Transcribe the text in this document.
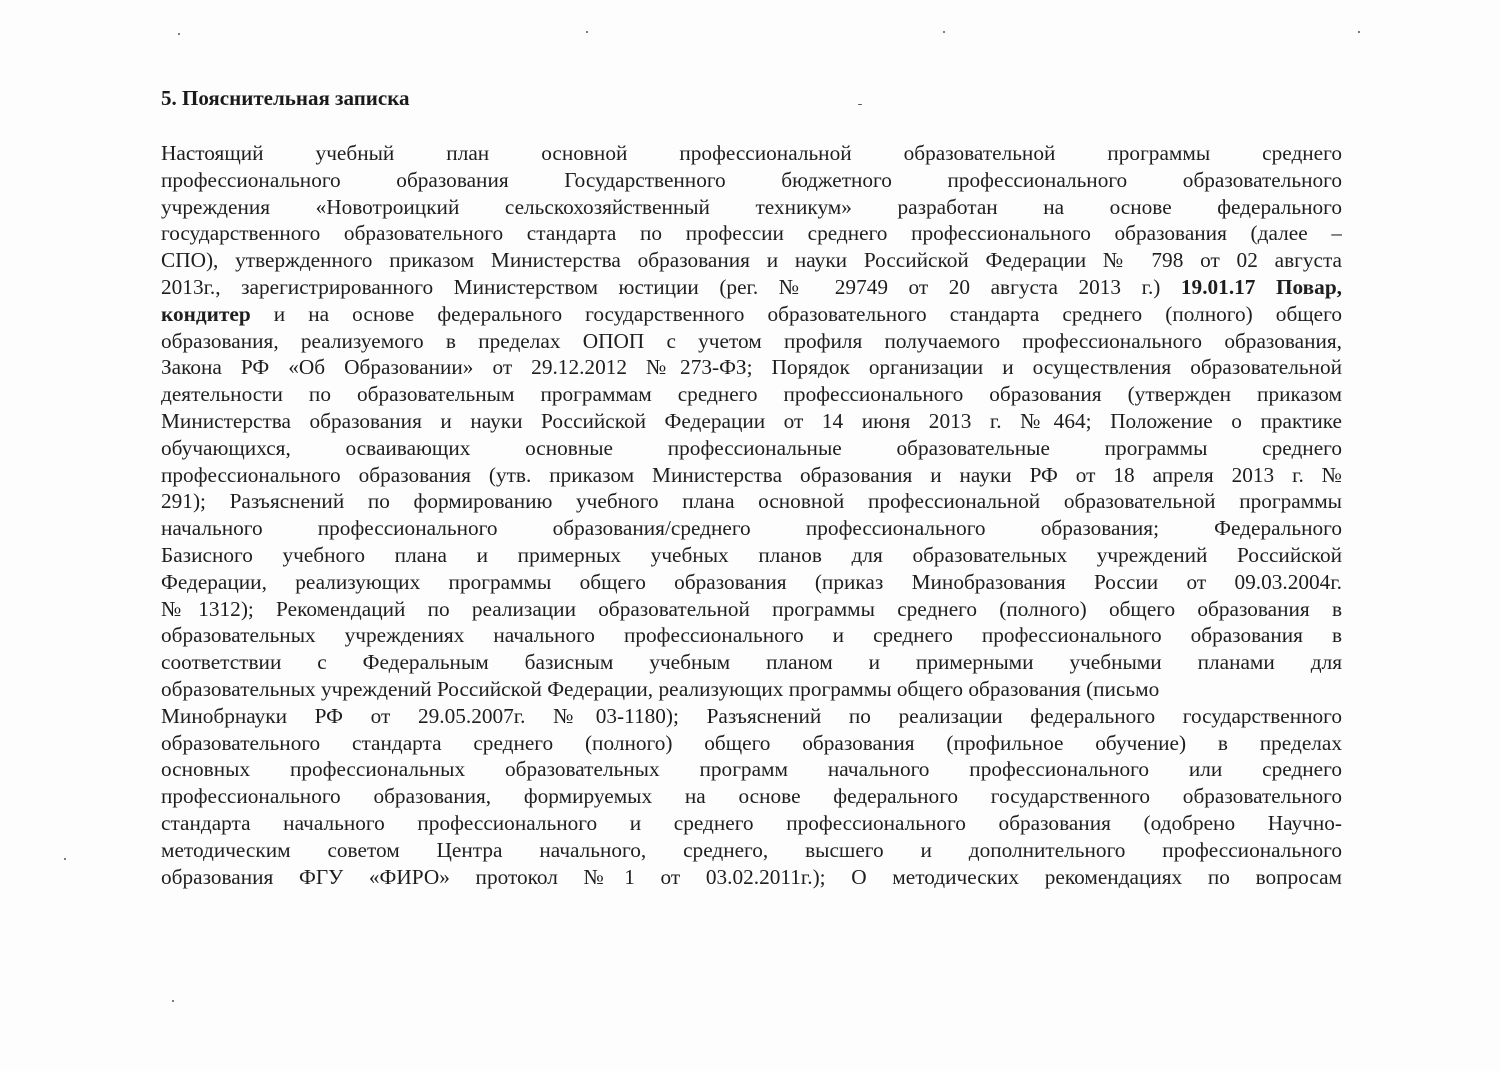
5. Пояснительная записка
Настоящий учебный план основной профессиональной образовательной программы среднего
профессионального образования Государственного бюджетного профессионального образовательного
учреждения «Новотроицкий сельскохозяйственный техникум» разработан на основе федерального
государственного образовательного стандарта по профессии среднего профессионального образования (далее –
СПО), утвержденного приказом Министерства образования и науки Российской Федерации № 798 от 02 августа
2013г., зарегистрированного Министерством юстиции (рег. № 29749 от 20 августа 2013 г.) 19.01.17 Повар,
кондитер и на основе федерального государственного образовательного стандарта среднего (полного) общего
образования, реализуемого в пределах ОПОП с учетом профиля получаемого профессионального образования,
Закона РФ «Об Образовании» от 29.12.2012 №273-ФЗ; Порядок организации и осуществления образовательной
деятельности по образовательным программам среднего профессионального образования (утвержден приказом
Министерства образования и науки Российской Федерации от 14 июня 2013 г. №464; Положение о практике
обучающихся, осваивающих основные профессиональные образовательные программы среднего
профессионального образования (утв. приказом Министерства образования и науки РФ от 18 апреля 2013 г. №
291); Разъяснений по формированию учебного плана основной профессиональной образовательной программы
начального профессионального образования/среднего профессионального образования; Федерального
Базисного учебного плана и примерных учебных планов для образовательных учреждений Российской
Федерации, реализующих программы общего образования (приказ Минобразования России от 09.03.2004г.
№1312); Рекомендаций по реализации образовательной программы среднего (полного) общего образования в
образовательных учреждениях начального профессионального и среднего профессионального образования в
соответствии с Федеральным базисным учебным планом и примерными учебными планами для
образовательных учреждений Российской Федерации, реализующих программы общего образования (письмо
Минобрнауки РФ от 29.05.2007г. №03-1180); Разъяснений по реализации федерального государственного
образовательного стандарта среднего (полного) общего образования (профильное обучение) в пределах
основных профессиональных образовательных программ начального профессионального или среднего
профессионального образования, формируемых на основе федерального государственного образовательного
стандарта начального профессионального и среднего профессионального образования (одобрено Научно-
методическим советом Центра начального, среднего, высшего и дополнительного профессионального
образования ФГУ «ФИРО» протокол №1 от 03.02.2011г.); О методических рекомендациях по вопросам
